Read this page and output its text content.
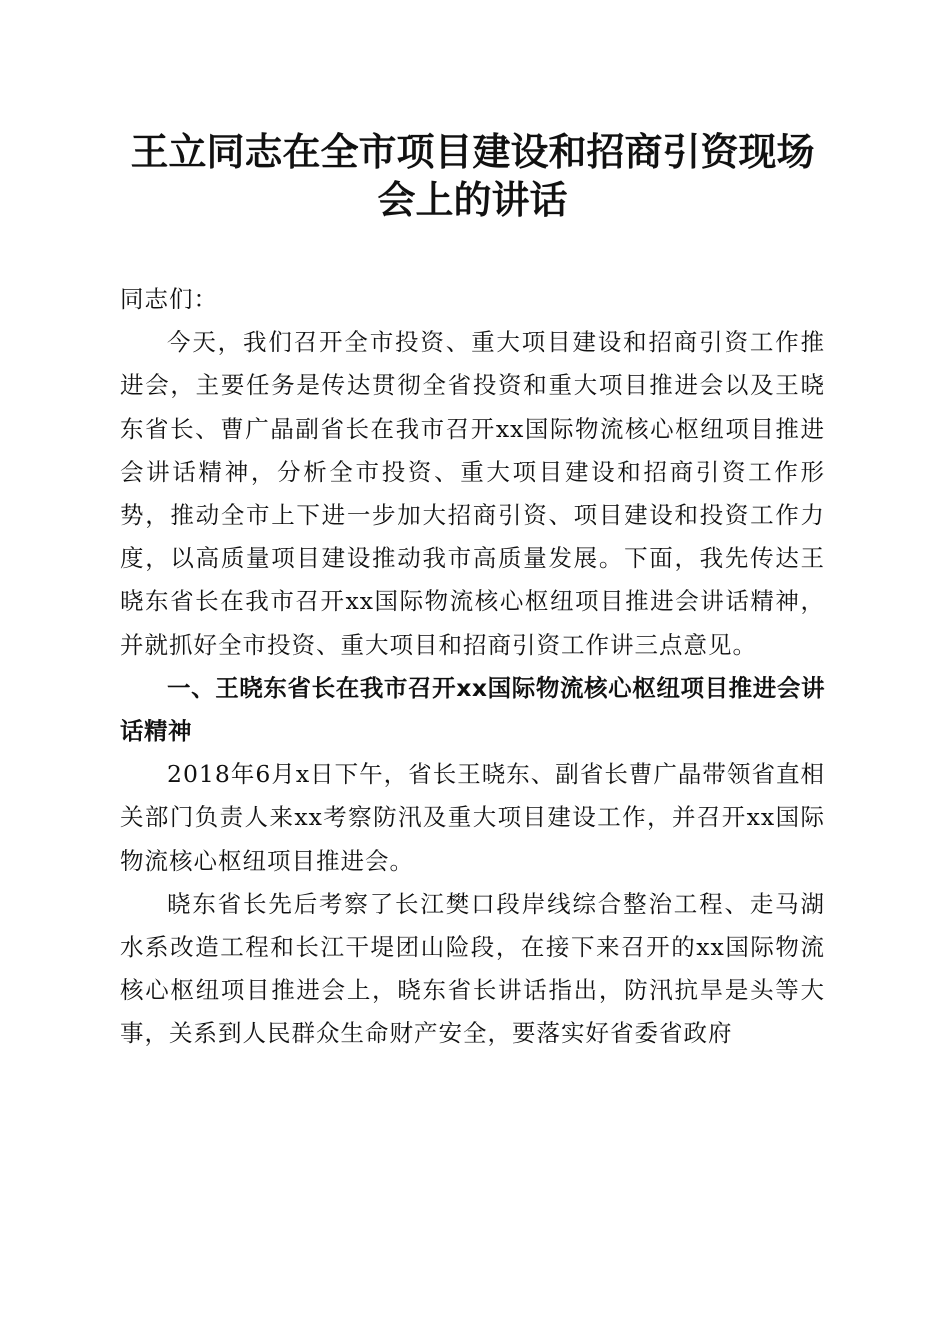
王立同志在全市项目建设和招商引资现场会上的讲话

同志们：

今天，我们召开全市投资、重大项目建设和招商引资工作推进会，主要任务是传达贯彻全省投资和重大项目推进会以及王晓东省长、曹广晶副省长在我市召开xx国际物流核心枢纽项目推进会讲话精神，分析全市投资、重大项目建设和招商引资工作形势，推动全市上下进一步加大招商引资、项目建设和投资工作力度，以高质量项目建设推动我市高质量发展。下面，我先传达王晓东省长在我市召开xx国际物流核心枢纽项目推进会讲话精神，并就抓好全市投资、重大项目和招商引资工作讲三点意见。

一、王晓东省长在我市召开xx国际物流核心枢纽项目推进会讲话精神

2018年6月x日下午，省长王晓东、副省长曹广晶带领省直相关部门负责人来xx考察防汛及重大项目建设工作，并召开xx国际物流核心枢纽项目推进会。

晓东省长先后考察了长江樊口段岸线综合整治工程、走马湖水系改造工程和长江干堤团山险段，在接下来召开的xx国际物流核心枢纽项目推进会上，晓东省长讲话指出，防汛抗旱是头等大事，关系到人民群众生命财产安全，要落实好省委省政府
